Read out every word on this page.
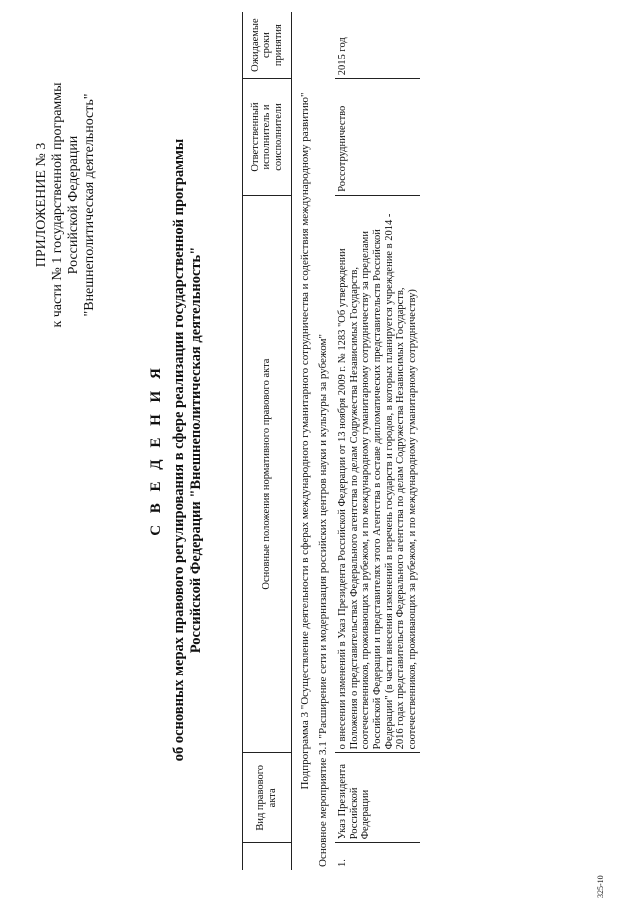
ПРИЛОЖЕНИЕ № 3 к части № 1 государственной программы Российской Федерации "Внешнеполитическая деятельность"
С В Е Д Е Н И Я об основных мерах правового регулирования в сфере реализации государственной программы Российской Федерации "Внешнеполитическая деятельность"
	Вид правового акта	Основные положения нормативного правового акта	Ответственный исполнитель и соисполнители	Ожидаемые сроки принятия
Подпрограмма 3 "Осуществление деятельности в сферах международного гуманитарного сотрудничества и содействия международному развитию"				
Основное мероприятие 3.1 "Расширение сети и модернизация российских центров науки и культуры за рубежом"				
1.	Указ Президента Российской Федерации	о внесении изменений в Указ Президента Российской Федерации от 13 ноября 2009 г. № 1283 "Об утверждении Положения о представительствах Федерального агентства по делам Содружества Независимых Государств, соотечественников, проживающих за рубежом, и по международному гуманитарному сотрудничеству за пределами Российской Федерации и представителях этого Агентства в составе дипломатических представительств Российской Федерации" (в части внесения изменений в перечень государств и городов, в которых планируется учреждение в 2014 - 2016 годах представительств Федерального агентства по делам Содружества Независимых Государств, соотечественников, проживающих за рубежом, и по международному гуманитарному сотрудничеству)	Россотрудничество	2015 год
325-10
